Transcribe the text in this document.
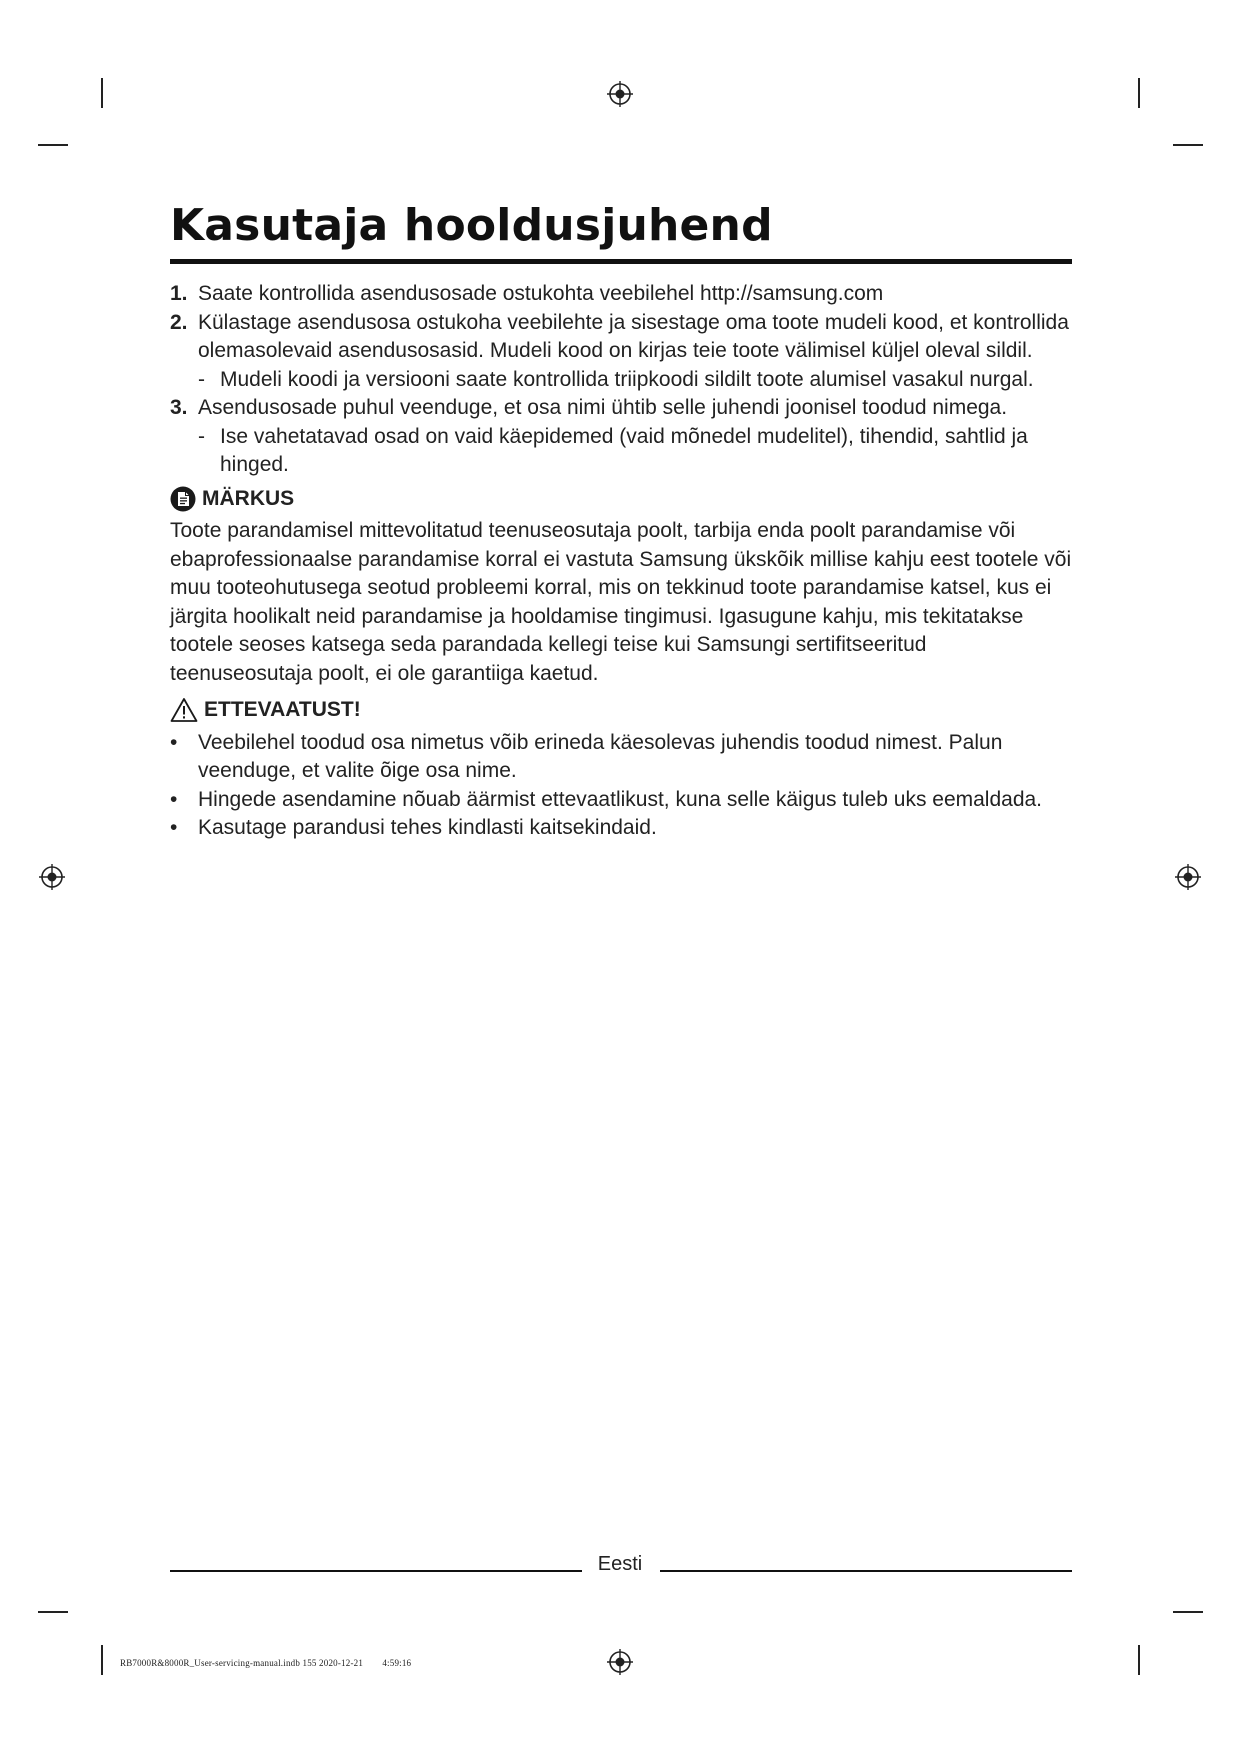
Kasutaja hooldusjuhend
1. Saate kontrollida asendusosade ostukohta veebilehel http://samsung.com
2. Külastage asendusosa ostukoha veebilehte ja sisestage oma toote mudeli kood, et kontrollida olemasolevaid asendusosasid. Mudeli kood on kirjas teie toote välimisel küljel oleval sildil.
- Mudeli koodi ja versiooni saate kontrollida triipkoodi sildilt toote alumisel vasakul nurgal.
3. Asendusosade puhul veenduge, et osa nimi ühtib selle juhendi joonisel toodud nimega.
- Ise vahetatavad osad on vaid käepidemed (vaid mõnedel mudelitel), tihendid, sahtlid ja hinged.
MÄRKUS
Toote parandamisel mittevolitatud teenuseosutaja poolt, tarbija enda poolt parandamise või ebaprofessionaalse parandamise korral ei vastuta Samsung ükskõik millise kahju eest tootele või muu tooteohutusega seotud probleemi korral, mis on tekkinud toote parandamise katsel, kus ei järgita hoolikalt neid parandamise ja hooldamise tingimusi. Igasugune kahju, mis tekitatakse tootele seoses katsega seda parandada kellegi teise kui Samsungi sertifitseeritud teenuseosutaja poolt, ei ole garantiiga kaetud.
ETTEVAATUST!
• Veebilehel toodud osa nimetus võib erineda käesolevas juhendis toodud nimest. Palun veenduge, et valite õige osa nime.
• Hingede asendamine nõuab äärmist ettevaatlikust, kuna selle käigus tuleb uks eemaldada.
• Kasutage parandusi tehes kindlasti kaitsekindaid.
Eesti
RB7000R&8000R_User-servicing-manual.indb 155 2020-12-21 ￿￿ 4:59:16
